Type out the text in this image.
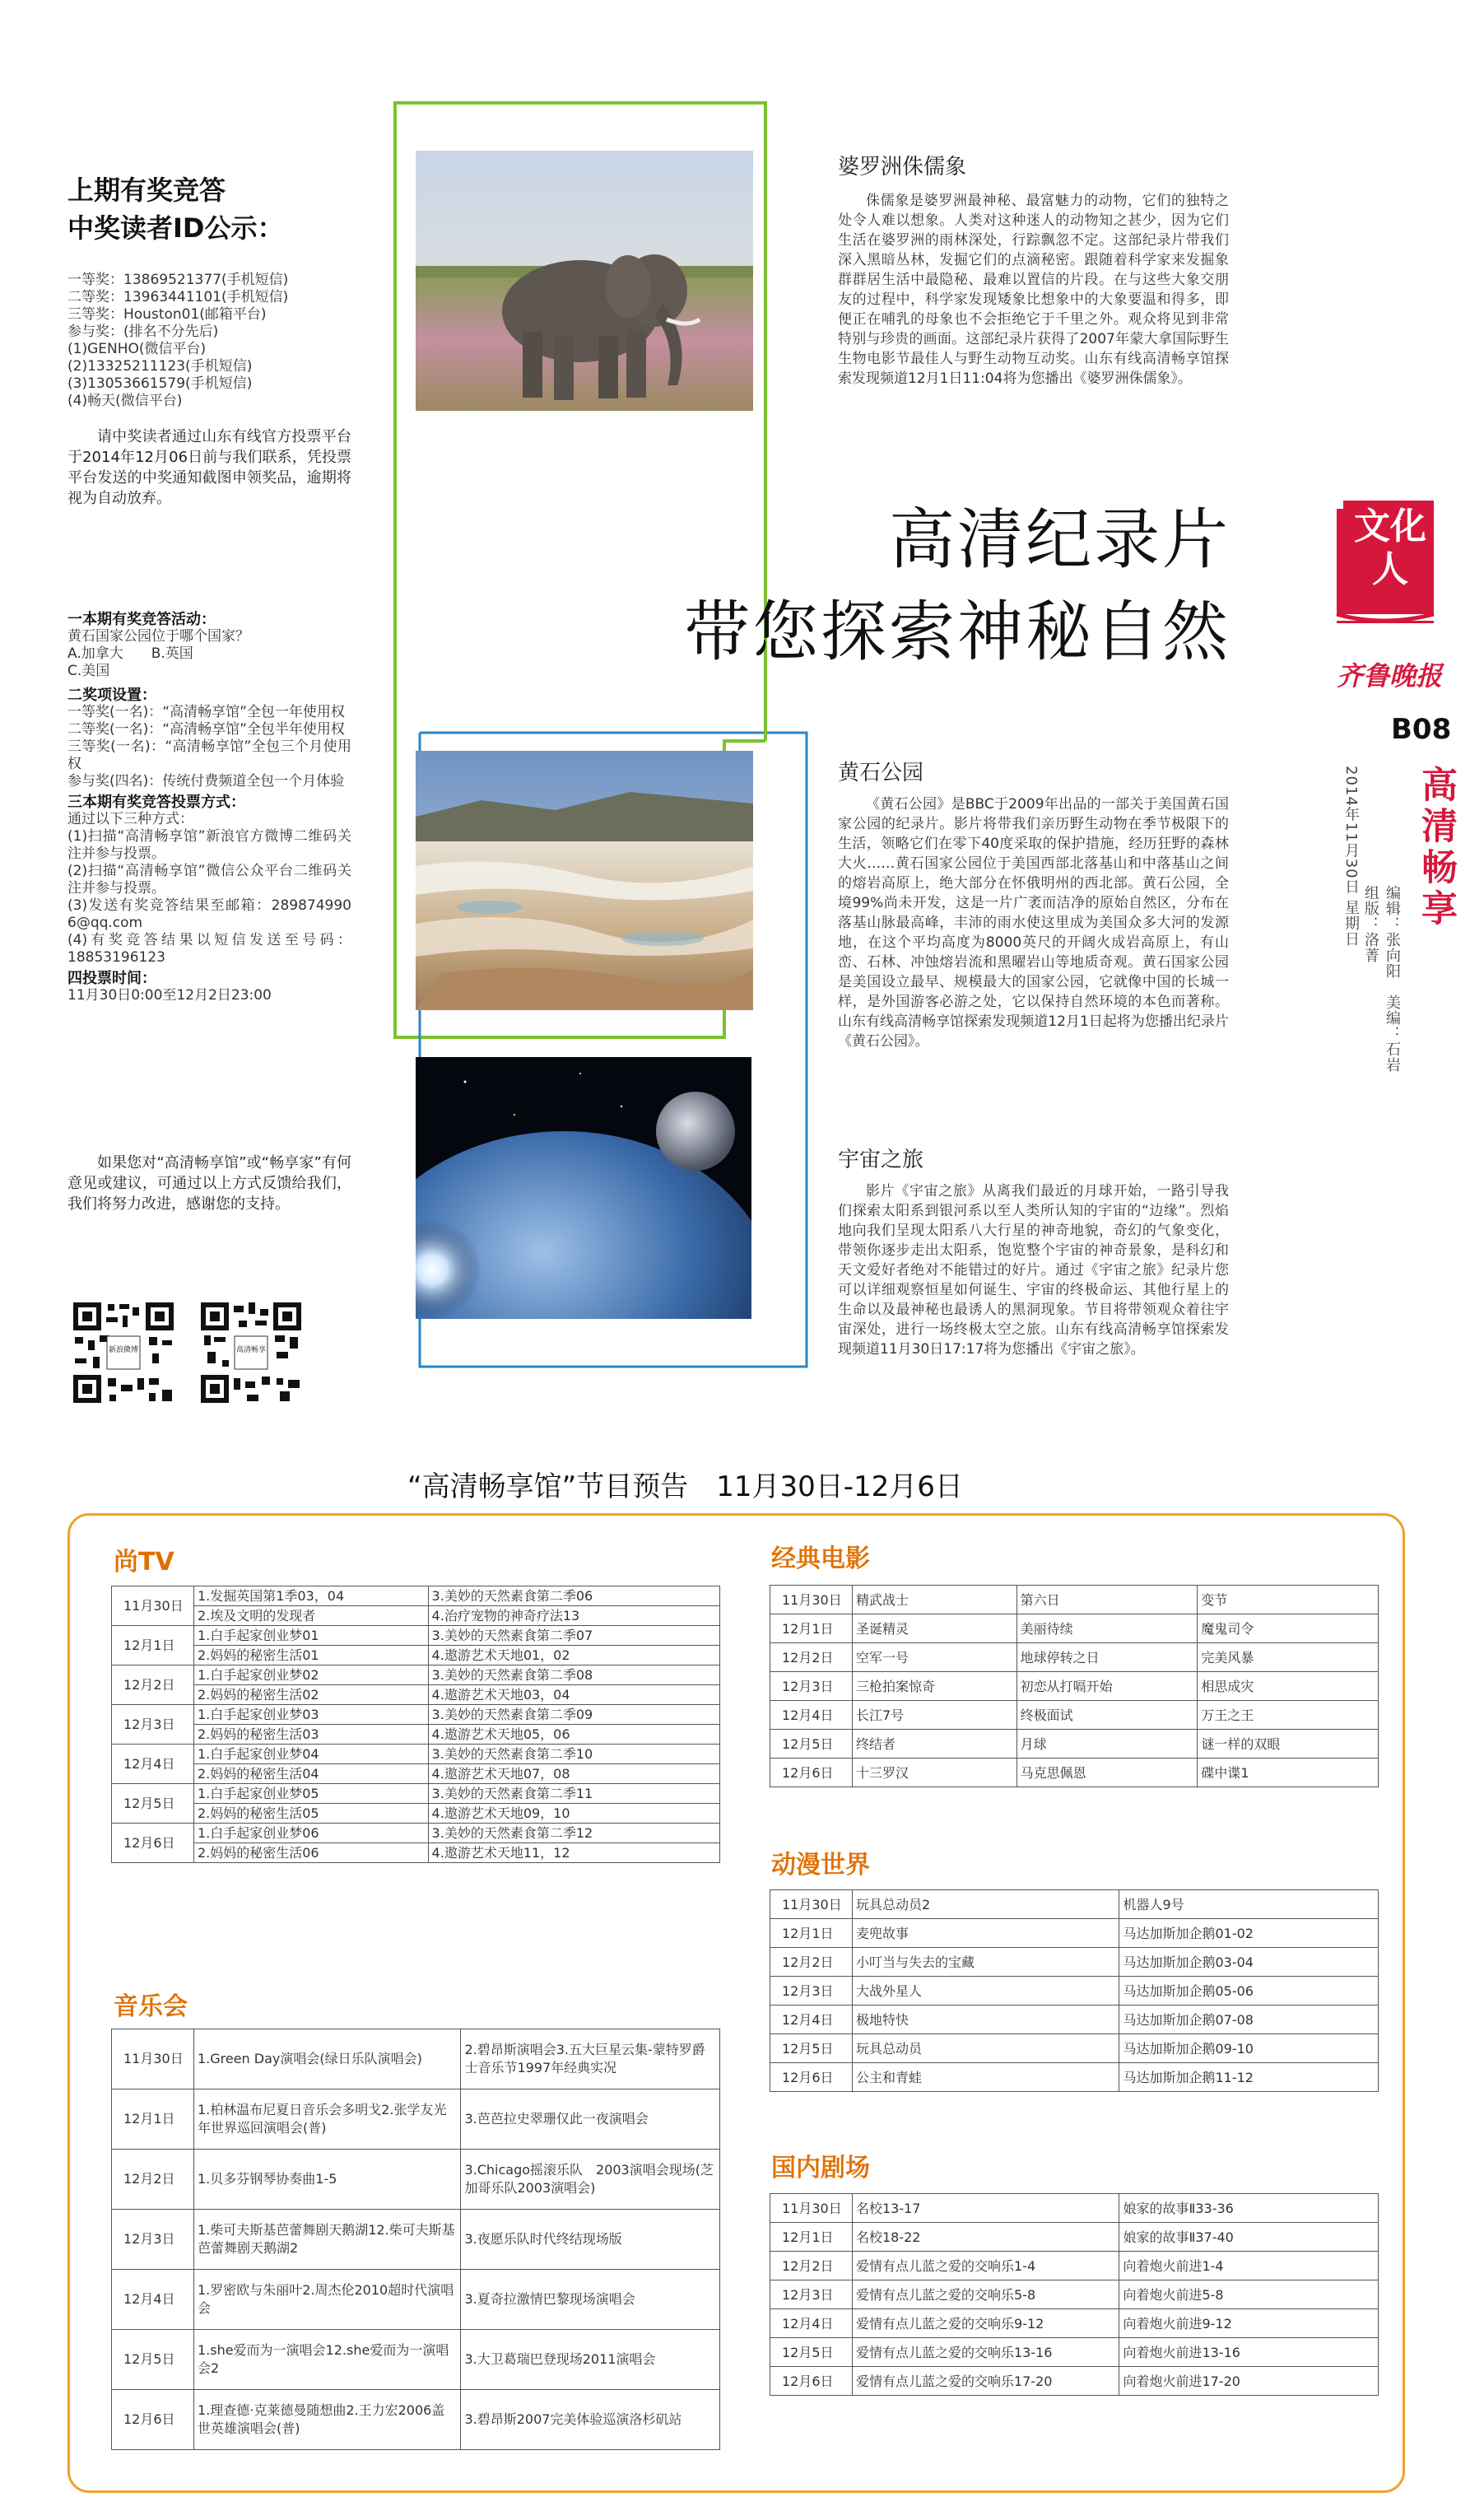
上期有奖竞答
中奖读者ID公示：
一等奖：13869521377(手机短信)
二等奖：13963441101(手机短信)
三等奖：Houston01(邮箱平台)
参与奖：(排名不分先后)
(1)GENHO(微信平台)
(2)13325211123(手机短信)
(3)13053661579(手机短信)
(4)畅天(微信平台)
请中奖读者通过山东有线官方投票平台于2014年12月06日前与我们联系，凭投票平台发送的中奖通知截图申领奖品，逾期将视为自动放弃。
一本期有奖竞答活动：
黄石国家公园位于哪个国家？
A.加拿大　　B.英国
C.美国
二奖项设置：
一等奖(一名)：“高清畅享馆”全包一年使用权
二等奖(一名)：“高清畅享馆”全包半年使用权
三等奖(一名)：“高清畅享馆”全包三个月使用权
参与奖(四名)：传统付费频道全包一个月体验
三本期有奖竞答投票方式：
通过以下三种方式：
(1)扫描“高清畅享馆”新浪官方微博二维码关注并参与投票。
(2)扫描“高清畅享馆”微信公众平台二维码关注并参与投票。
(3)发送有奖竞答结果至邮箱：289874990 6@qq.com
(4)有奖竞答结果以短信发送至号码：18853196123
四投票时间：
11月30日0:00至12月2日23:00
如果您对“高清畅享馆”或“畅享家”有何意见或建议，可通过以上方式反馈给我们，我们将努力改进，感谢您的支持。
新浪微博	高清畅享
婆罗洲侏儒象
侏儒象是婆罗洲最神秘、最富魅力的动物，它们的独特之处令人难以想象。人类对这种迷人的动物知之甚少，因为它们生活在婆罗洲的雨林深处，行踪飘忽不定。这部纪录片带我们深入黑暗丛林，发掘它们的点滴秘密。跟随着科学家来发掘象群群居生活中最隐秘、最难以置信的片段。在与这些大象交朋友的过程中，科学家发现矮象比想象中的大象要温和得多，即便正在哺乳的母象也不会拒绝它于千里之外。观众将见到非常特别与珍贵的画面。这部纪录片获得了2007年蒙大拿国际野生生物电影节最佳人与野生动物互动奖。山东有线高清畅享馆探索发现频道12月1日11:04将为您播出《婆罗洲侏儒象》。
高清纪录片
带您探索神秘自然
黄石公园
《黄石公园》是BBC于2009年出品的一部关于美国黄石国家公园的纪录片。影片将带我们亲历野生动物在季节极限下的生活，领略它们在零下40度采取的保护措施，经历狂野的森林大火……黄石国家公园位于美国西部北落基山和中落基山之间的熔岩高原上，绝大部分在怀俄明州的西北部。黄石公园，全境99%尚未开发，这是一片广袤而洁净的原始自然区，分布在落基山脉最高峰，丰沛的雨水使这里成为美国众多大河的发源地，在这个平均高度为8000英尺的开阔火成岩高原上，有山峦、石林、冲蚀熔岩流和黑曜岩山等地质奇观。黄石国家公园是美国设立最早、规模最大的国家公园，它就像中国的长城一样，是外国游客必游之处，它以保持自然环境的本色而著称。山东有线高清畅享馆探索发现频道12月1日起将为您播出纪录片《黄石公园》。
宇宙之旅
影片《宇宙之旅》从离我们最近的月球开始，一路引导我们探索太阳系到银河系以至人类所认知的宇宙的“边缘”。烈焰地向我们呈现太阳系八大行星的神奇地貌，奇幻的气象变化，带领你逐步走出太阳系，饱览整个宇宙的神奇景象，是科幻和天文爱好者绝对不能错过的好片。通过《宇宙之旅》纪录片您可以详细观察恒星如何诞生、宇宙的终极命运、其他行星上的生命以及最神秘也最诱人的黑洞现象。节目将带领观众着往宇宙深处，进行一场终极太空之旅。山东有线高清畅享馆探索发现频道11月30日17:17将为您播出《宇宙之旅》。
文化人
齐鲁晚报
B08
2014年11月30日 星期日
编辑：张向阳　美编：石岩　组版：洛菁 高清畅享
“高清畅享馆”节目预告　11月30日-12月6日
尚TV
11月30日	1.发掘英国第1季03，04	3.美妙的天然素食第二季06
	2.埃及文明的发现者	4.治疗宠物的神奇疗法13
12月1日	1.白手起家创业梦01	3.美妙的天然素食第二季07
	2.妈妈的秘密生活01	4.遨游艺术天地01，02
12月2日	1.白手起家创业梦02	3.美妙的天然素食第二季08
	2.妈妈的秘密生活02	4.遨游艺术天地03，04
12月3日	1.白手起家创业梦03	3.美妙的天然素食第二季09
	2.妈妈的秘密生活03	4.遨游艺术天地05，06
12月4日	1.白手起家创业梦04	3.美妙的天然素食第二季10
	2.妈妈的秘密生活04	4.遨游艺术天地07，08
12月5日	1.白手起家创业梦05	3.美妙的天然素食第二季11
	2.妈妈的秘密生活05	4.遨游艺术天地09，10
12月6日	1.白手起家创业梦06	3.美妙的天然素食第二季12
	2.妈妈的秘密生活06	4.遨游艺术天地11，12
音乐会
11月30日	1.Green Day演唱会(绿日乐队演唱会)	2.碧昂斯演唱会3.五大巨星云集-蒙特罗爵士音乐节1997年经典实况
12月1日	1.柏林温布尼夏日音乐会多明戈2.张学友光年世界巡回演唱会(普)	3.芭芭拉史翠珊仅此一夜演唱会
12月2日	1.贝多芬钢琴协奏曲1-5	3.Chicago摇滚乐队　2003演唱会现场(芝加哥乐队2003演唱会)
12月3日	1.柴可夫斯基芭蕾舞剧天鹅湖12.柴可夫斯基芭蕾舞剧天鹅湖2	3.夜愿乐队时代终结现场版
12月4日	1.罗密欧与朱丽叶2.周杰伦2010超时代演唱会	3.夏奇拉激情巴黎现场演唱会
12月5日	1.she爱而为一演唱会12.she爱而为一演唱会2	3.大卫葛瑞巴登现场2011演唱会
12月6日	1.理查德·克莱德曼随想曲2.王力宏2006盖世英雄演唱会(普)	3.碧昂斯2007完美体验巡演洛杉矶站
经典电影
11月30日	精武战士	第六日	变节
12月1日	圣诞精灵	美丽待续	魔鬼司令
12月2日	空军一号	地球停转之日	完美风暴
12月3日	三枪拍案惊奇	初恋从打嗝开始	相思成灾
12月4日	长江7号	终极面试	万王之王
12月5日	终结者	月球	谜一样的双眼
12月6日	十三罗汉	马克思佩恩	碟中谍1
动漫世界
11月30日	玩具总动员2	机器人9号
12月1日	麦兜故事	马达加斯加企鹅01-02
12月2日	小叮当与失去的宝藏	马达加斯加企鹅03-04
12月3日	大战外星人	马达加斯加企鹅05-06
12月4日	极地特快	马达加斯加企鹅07-08
12月5日	玩具总动员	马达加斯加企鹅09-10
12月6日	公主和青蛙	马达加斯加企鹅11-12
国内剧场
11月30日	名校13-17	娘家的故事Ⅱ33-36
12月1日	名校18-22	娘家的故事Ⅱ37-40
12月2日	爱情有点儿蓝之爱的交响乐1-4	向着炮火前进1-4
12月3日	爱情有点儿蓝之爱的交响乐5-8	向着炮火前进5-8
12月4日	爱情有点儿蓝之爱的交响乐9-12	向着炮火前进9-12
12月5日	爱情有点儿蓝之爱的交响乐13-16	向着炮火前进13-16
12月6日	爱情有点儿蓝之爱的交响乐17-20	向着炮火前进17-20
